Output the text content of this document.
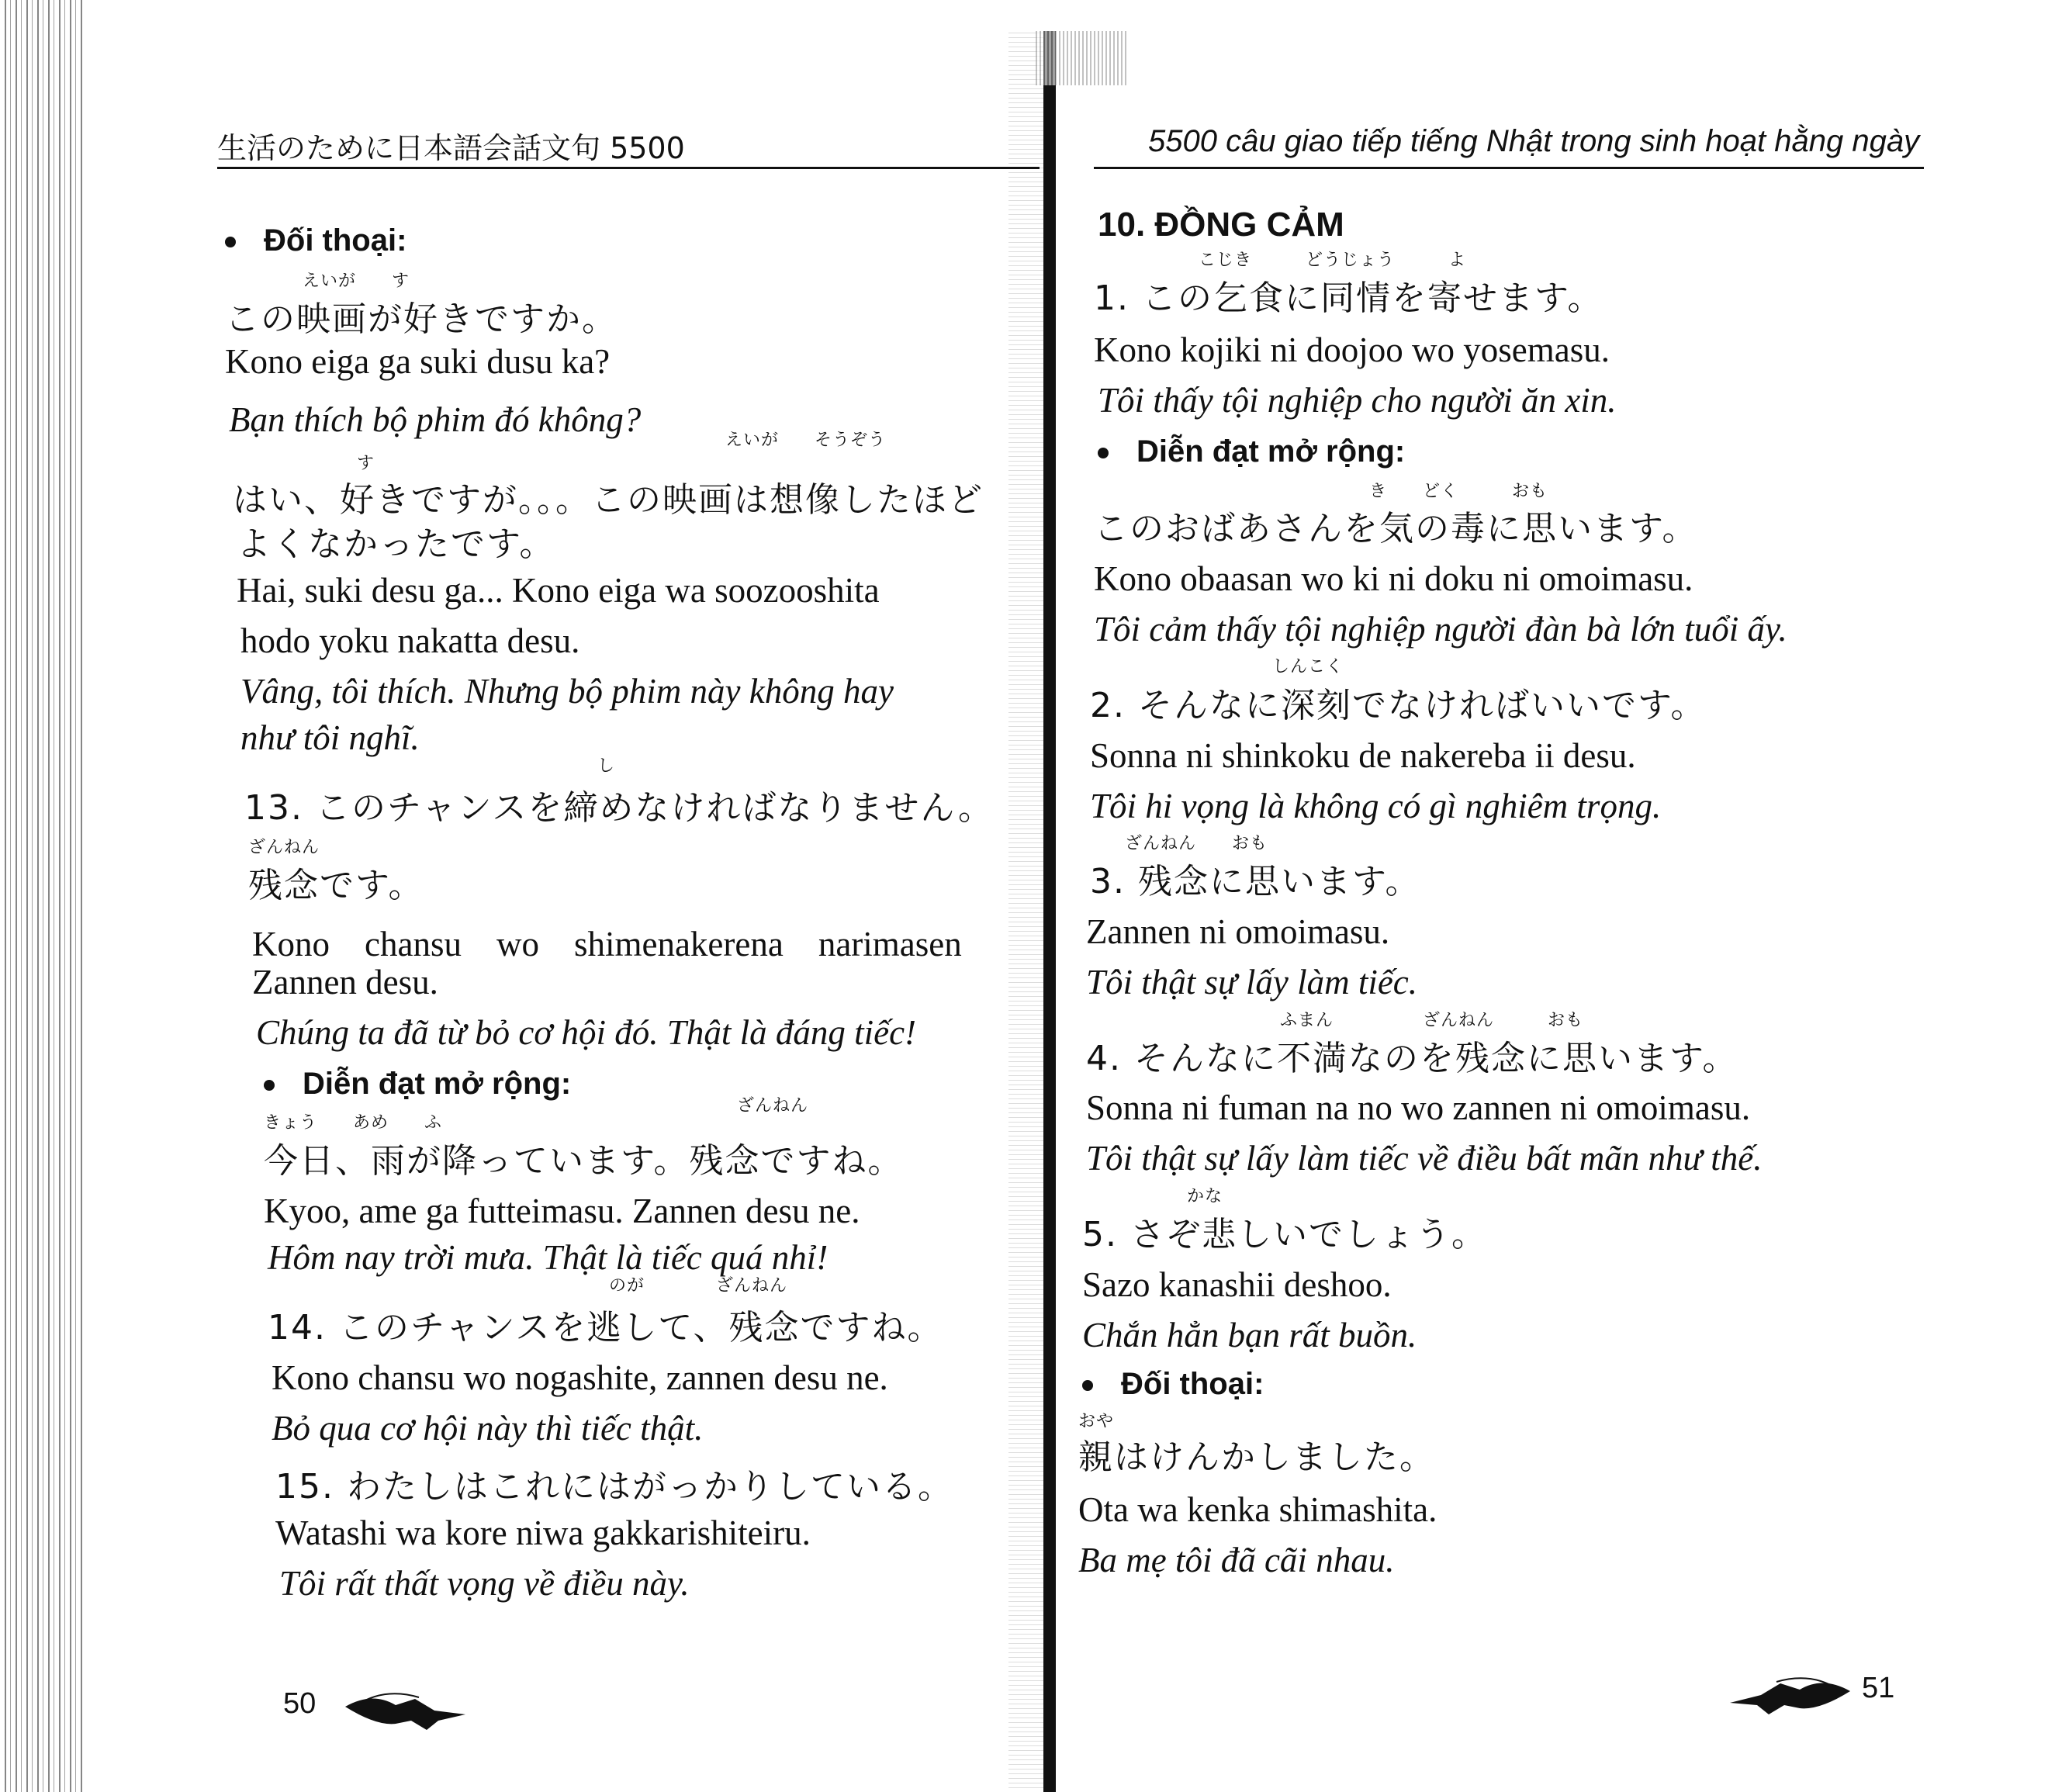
生活のために日本語会話文句 5500
Đối thoại:
えいが　　す
この映画が好きですか。
Kono eiga ga suki dusu ka?
Bạn thích bộ phim đó không?
えいが　　そうぞう
す
はい、好きですが。。。この映画は想像したほど
よくなかったです。
Hai, suki desu ga... Kono eiga wa soozooshita
hodo yoku nakatta desu.
Vâng, tôi thích. Nhưng bộ phim này không hay
như tôi nghĩ.
し
13. このチャンスを締めなければなりません。
ざんねん
残念です。
Kono　chansu　wo　shimenakerena　narimasen
Zannen desu.
Chúng ta đã từ bỏ cơ hội đó. Thật là đáng tiếc!
Diễn đạt mở rộng:
ざんねん
きょう　　あめ　　ふ
今日、雨が降っています。残念ですね。
Kyoo, ame ga futteimasu. Zannen desu ne.
Hôm nay trời mưa. Thật là tiếc quá nhỉ!
のが　　　　ざんねん
14. このチャンスを逃して、残念ですね。
Kono chansu wo nogashite, zannen desu ne.
Bỏ qua cơ hội này thì tiếc thật.
15. わたしはこれにはがっかりしている。
Watashi wa kore niwa gakkarishiteiru.
Tôi rất thất vọng về điều này.
50
5500 câu giao tiếp tiếng Nhật trong sinh hoạt hằng ngày
10. ĐỒNG CẢM
こじき　　　どうじょう　　　よ
1. この乞食に同情を寄せます。
Kono kojiki ni doojoo wo yosemasu.
Tôi thấy tội nghiệp cho người ăn xin.
Diễn đạt mở rộng:
き　　どく　　　おも
このおばあさんを気の毒に思います。
Kono obaasan wo ki ni doku ni omoimasu.
Tôi cảm thấy tội nghiệp người đàn bà lớn tuổi ấy.
しんこく
2. そんなに深刻でなければいいです。
Sonna ni shinkoku de nakereba ii desu.
Tôi hi vọng là không có gì nghiêm trọng.
ざんねん　　おも
3. 残念に思います。
Zannen ni omoimasu.
Tôi thật sự lấy làm tiếc.
ふまん　　　　　ざんねん　　　おも
4. そんなに不満なのを残念に思います。
Sonna ni fuman na no wo zannen ni omoimasu.
Tôi thật sự lấy làm tiếc về điều bất mãn như thế.
かな
5. さぞ悲しいでしょう。
Sazo kanashii deshoo.
Chắn hẳn bạn rất buồn.
Đối thoại:
おや
親はけんかしました。
Ota wa kenka shimashita.
Ba mẹ tôi đã cãi nhau.
51
